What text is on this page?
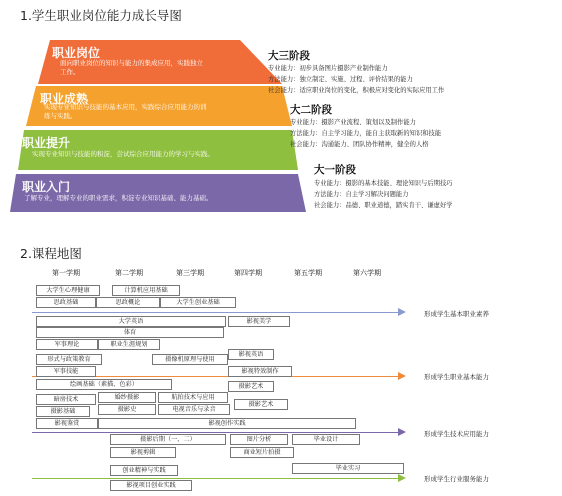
1.学生职业岗位能力成长导图
职业岗位
面向职业岗位的知识与能力的集成应用，实践独立
工作。
职业成熟
实现专业知识与技能的基本应用，实践综合应用能力的训
练与实践。
职业提升
实现专业知识与技能的积淀，尝试综合应用能力的学习与实践。
职业入门
了解专业，理解专业的职业需求，积淀专业知识基础、能力基础。
大三阶段
专业能力：初步具备图片摄影产业制作能力
方法能力：独立制定、实施、过程、评价结果的能力
社会能力：适应职业岗位的变化，积极应对变化的实际应用工作
大二阶段
专业能力：摄影产业流程、策划以及制作能力
方法能力：自主学习能力，能自主获取新的知识和技能
社会能力：沟通能力、团队协作精神，健全的人格
大一阶段
专业能力：摄影的基本技能、理论知识与后期技巧
方法能力：自主学习解决问题能力
社会能力：品德、职业道德，踏实肯干、谦虚好学
2.课程地图
第一学期	第二学期	第三学期	第四学期	第五学期	第六学期
形成学生基本职业素养
形成学生职业基本能力
形成学生技术应用能力
形成学生行业服务能力
大学生心理健康	计算机应用基础
思政基础	思政概论	大学生创业基础
大学英语	影视美学
体育
军事理论	职业生涯规划
影视英语
形式与政策教育	摄像机原理与使用
军事技能	影视特效制作
绘画基础（素描、色彩）	摄影艺术
暗房技术	婚纱摄影	航拍技术与应用
摄影基础	摄影史	电视音乐与录音
摄影艺术
影视鉴赏	影视创作实践
摄影后期（一、二）	图片分析	毕业设计
影视剪辑	商业短片拍摄
毕业实习
创业精神与实践
影视项目创业实践
